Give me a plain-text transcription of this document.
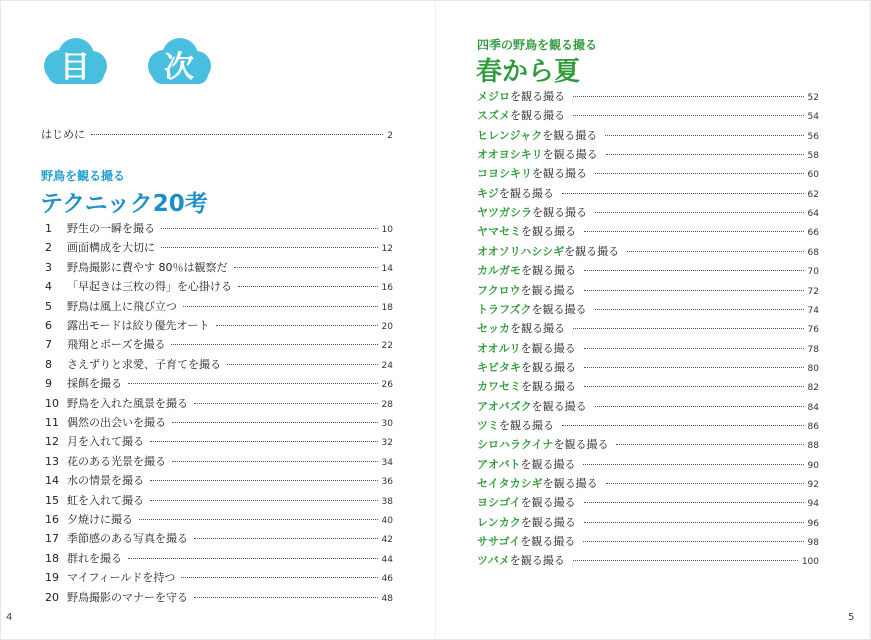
目	次
はじめに	2
野鳥を観る撮る
テクニック20考
1	野生の一瞬を撮る	10
2	画面構成を大切に	12
3	野鳥撮影に費やす 80％は観察だ	14
4	「早起きは三枚の得」を心掛ける	16
5	野鳥は風上に飛び立つ	18
6	露出モードは絞り優先オート	20
7	飛翔とポーズを撮る	22
8	さえずりと求愛、子育てを撮る	24
9	採餌を撮る	26
10 野鳥を入れた風景を撮る	28
11 偶然の出会いを撮る	30
12 月を入れて撮る	32
13 花のある光景を撮る	34
14 水の情景を撮る	36
15 虹を入れて撮る	38
16 夕焼けに撮る	40
17 季節感のある写真を撮る	42
18 群れを撮る	44
19 マイフィールドを持つ	46
20 野鳥撮影のマナーを守る	48
4
四季の野鳥を観る撮る
春から夏
メジロ を観る撮る	52
スズメ を観る撮る	54
ヒレンジャク を観る撮る	56
オオヨシキリ を観る撮る	58
コヨシキリ を観る撮る	60
キジ を観る撮る	62
ヤツガシラ を観る撮る	64
ヤマセミ を観る撮る	66
オオソリハシシギ を観る撮る	68
カルガモ を観る撮る	70
フクロウ を観る撮る	72
トラフズク を観る撮る	74
セッカ を観る撮る	76
オオルリ を観る撮る	78
キビタキ を観る撮る	80
カワセミ を観る撮る	82
アオバズク を観る撮る	84
ツミ を観る撮る	86
シロハラクイナ を観る撮る	88
アオバト を観る撮る	90
セイタカシギ を観る撮る	92
ヨシゴイ を観る撮る	94
レンカク を観る撮る	96
ササゴイ を観る撮る	98
ツバメ を観る撮る	100
5
